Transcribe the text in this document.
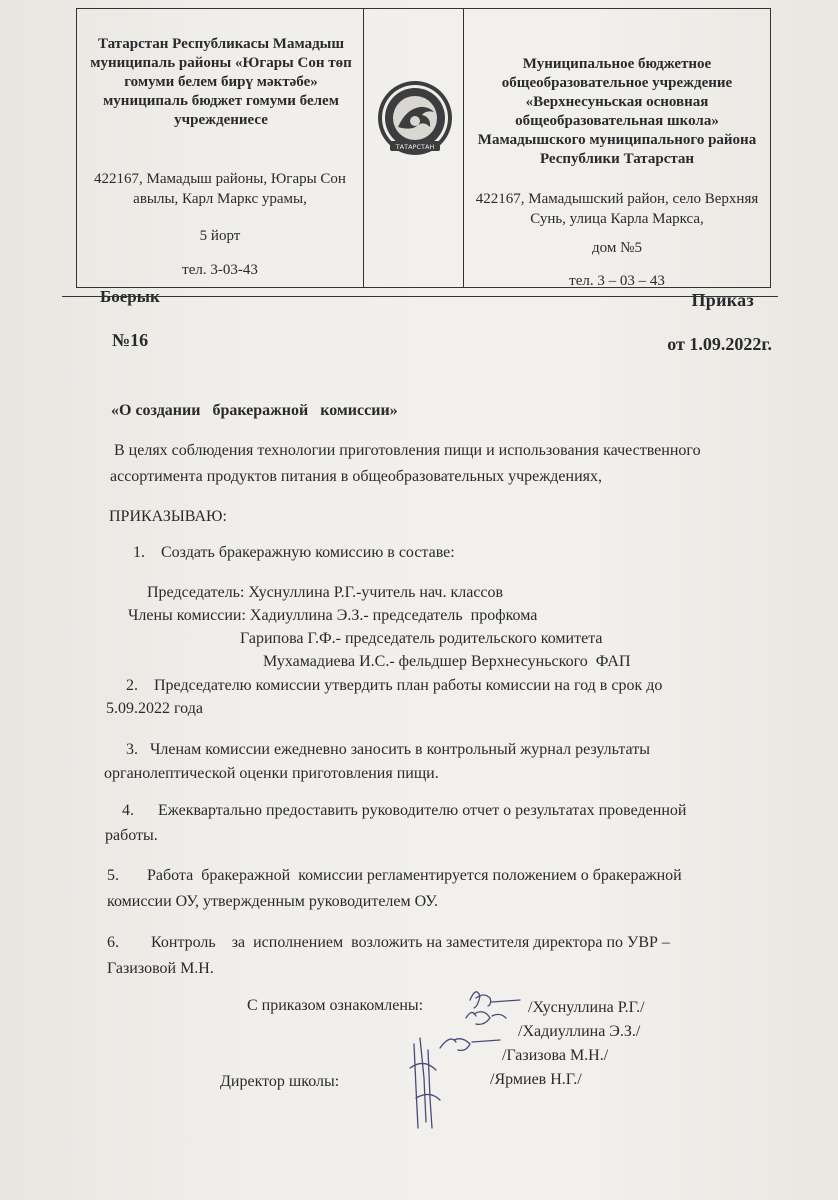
Татарстан Республикасы Мамадыш муниципаль районы «Югары Сон төп гомуми белем бирү мәктәбе» муниципаль бюджет гомуми белем учреждениесе
422167, Мамадыш районы, Югары Сон авылы, Карл Маркс урамы,
5 йорт
тел. 3-03-43
ТАТАРСТАН
Муниципальное бюджетное общеобразовательное учреждение «Верхнесуньская основная общеобразовательная школа» Мамадышского муниципального района Республики Татарстан
422167, Мамадышский район, село Верхняя Сунь, улица Карла Маркса,
дом №5
тел. 3 – 03 – 43
Боерык	Приказ
№16	от 1.09.2022г.
«О создании   бракеражной   комиссии»
В целях соблюдения технологии приготовления пищи и использования качественного
ассортимента продуктов питания в общеобразовательных учреждениях,
ПРИКАЗЫВАЮ:
1.    Создать бракеражную комиссию в составе:
Председатель: Хуснуллина Р.Г.-учитель нач. классов
Члены комиссии: Хадиуллина Э.З.- председатель  профкома
Гарипова Г.Ф.- председатель родительского комитета
Мухамадиева И.С.- фельдшер Верхнесуньского  ФАП
2.    Председателю комиссии утвердить план работы комиссии на год в срок до
5.09.2022 года
3.   Членам комиссии ежедневно заносить в контрольный журнал результаты
органолептической оценки приготовления пищи.
4.      Ежеквартально предоставить руководителю отчет о результатах проведенной
работы.
5.       Работа  бракеражной  комиссии регламентируется положением о бракеражной
комиссии ОУ, утвержденным руководителем ОУ.
6.        Контроль    за  исполнением  возложить на заместителя директора по УВР –
Газизовой М.Н.
С приказом ознакомлены:	/Хуснуллина Р.Г./
/Хадиуллина Э.З./
/Газизова М.Н./
Директор школы:	/Ярмиев Н.Г./
